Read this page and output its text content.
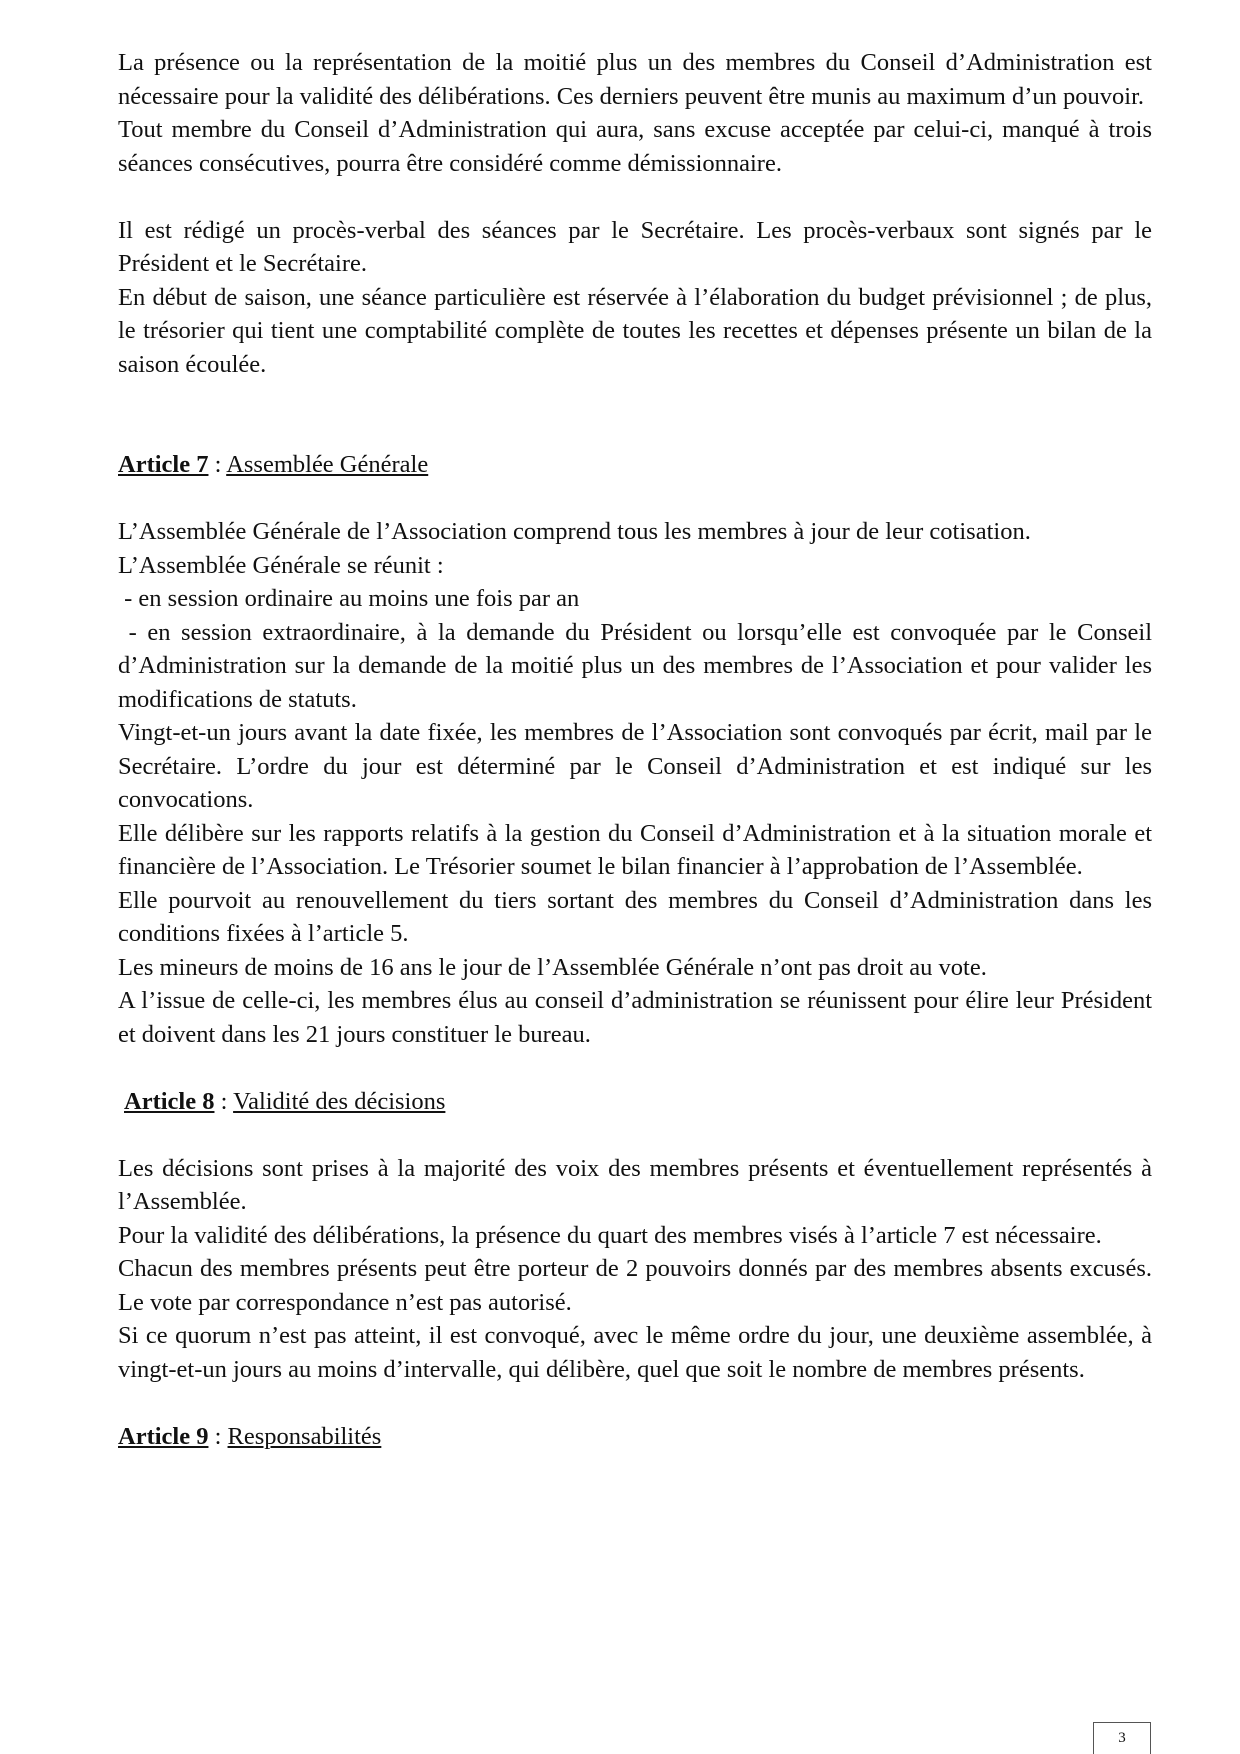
La présence ou la représentation de la moitié plus un des membres du Conseil d’Administration est nécessaire pour la validité des délibérations. Ces derniers peuvent être munis au maximum d’un pouvoir.

Tout membre du Conseil d’Administration qui aura, sans excuse acceptée par celui-ci, manqué à trois séances consécutives, pourra être considéré comme démissionnaire.

Il est rédigé un procès-verbal des séances par le Secrétaire. Les procès-verbaux sont signés par le Président et le Secrétaire.

En début de saison, une séance particulière est réservée à l’élaboration du budget prévisionnel ; de plus, le trésorier qui tient une comptabilité complète de toutes les recettes et dépenses présente un bilan de la saison écoulée.

Article 7 : Assemblée Générale

L’Assemblée Générale de l’Association comprend tous les membres à jour de leur cotisation.

L’Assemblée Générale se réunit :

- en session ordinaire au moins une fois par an

- en session extraordinaire, à la demande du Président ou lorsqu’elle est convoquée par le Conseil d’Administration sur la demande de la moitié plus un des membres de l’Association et pour valider les modifications de statuts.

Vingt-et-un jours avant la date fixée, les membres de l’Association sont convoqués par écrit, mail par le Secrétaire. L’ordre du jour est déterminé par le Conseil d’Administration et est indiqué sur les convocations.

Elle délibère sur les rapports relatifs à la gestion du Conseil d’Administration et à la situation morale et financière de l’Association. Le Trésorier soumet le bilan financier à l’approbation de l’Assemblée.

Elle pourvoit au renouvellement du tiers sortant des membres du Conseil d’Administration dans les conditions fixées à l’article 5.

Les mineurs de moins de 16 ans le jour de l’Assemblée Générale n’ont pas droit au vote.

A l’issue de celle-ci, les membres élus au conseil d’administration se réunissent pour élire leur Président et doivent dans les 21 jours constituer le bureau.

Article 8 : Validité des décisions

Les décisions sont prises à la majorité des voix des membres présents et éventuellement représentés à l’Assemblée.

Pour la validité des délibérations, la présence du quart des membres visés à l’article 7 est nécessaire.

Chacun des membres présents peut être porteur de 2 pouvoirs donnés par des membres absents excusés. Le vote par correspondance n’est pas autorisé.

Si ce quorum n’est pas atteint, il est convoqué, avec le même ordre du jour, une deuxième assemblée, à vingt-et-un jours au moins d’intervalle, qui délibère, quel que soit le nombre de membres présents.

Article 9 : Responsabilités
3
